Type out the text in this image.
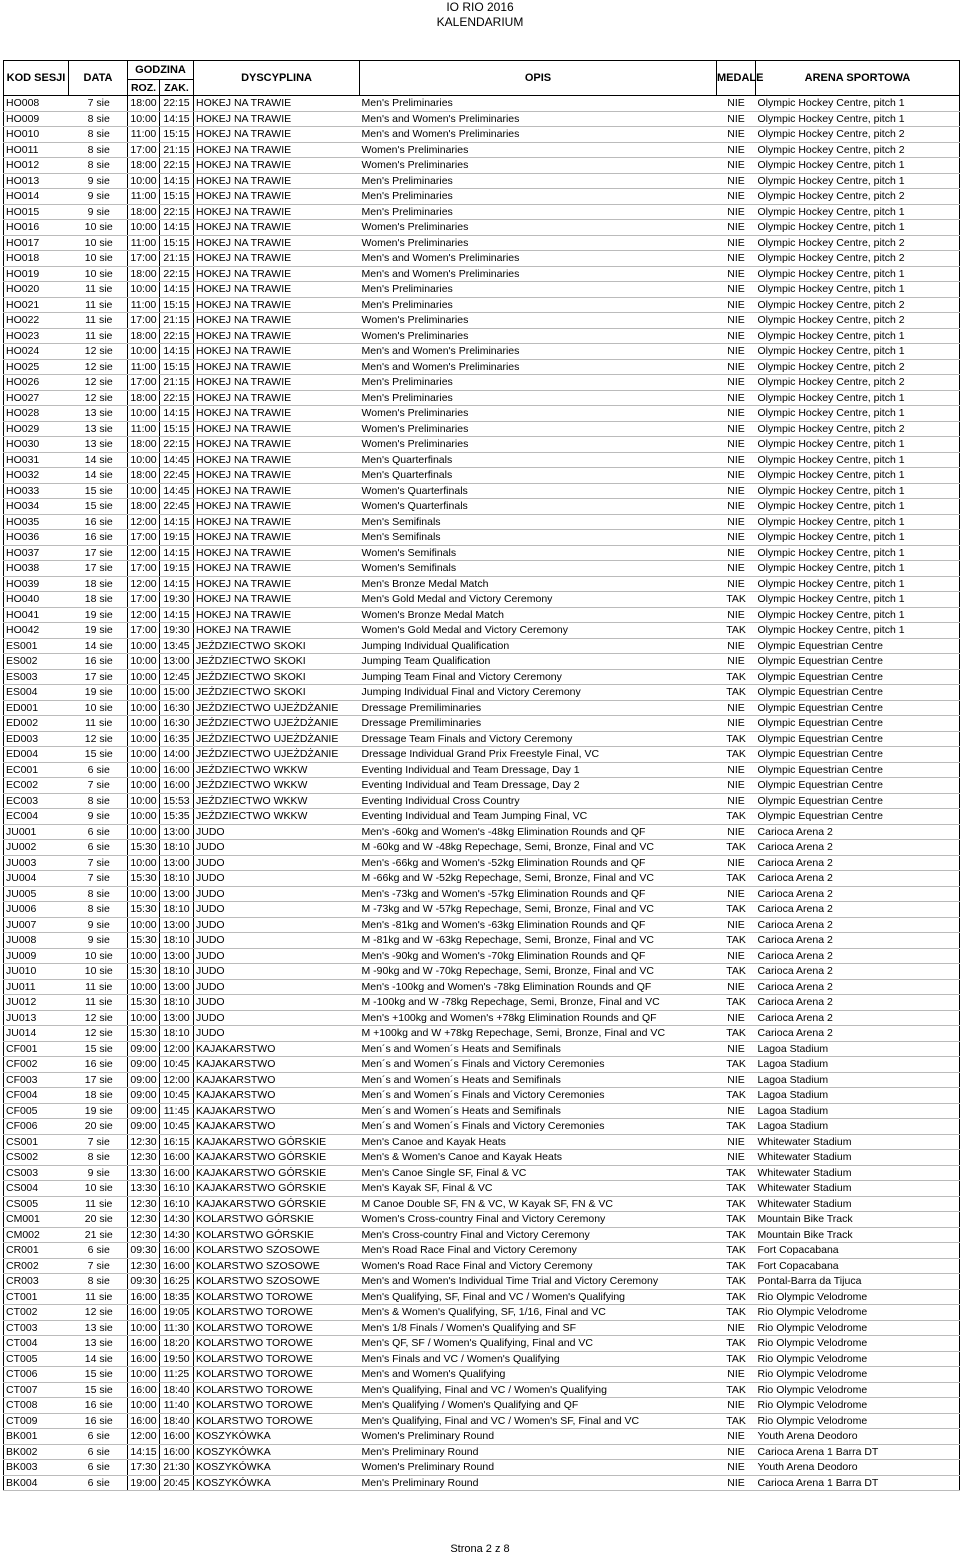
IO RIO 2016
KALENDARIUM
KOD SESJI	DATA	GODZINA		DYSCYPLINA	OPIS	MEDALE	ARENA SPORTOWA
		ROZ.	ZAK.				
HO008	7 sie	18:00	22:15	HOKEJ NA TRAWIE	Men's Preliminaries	NIE	Olympic Hockey Centre, pitch 1
HO009	8 sie	10:00	14:15	HOKEJ NA TRAWIE	Men's and Women's Preliminaries	NIE	Olympic Hockey Centre, pitch 1
HO010	8 sie	11:00	15:15	HOKEJ NA TRAWIE	Men's and Women's Preliminaries	NIE	Olympic Hockey Centre, pitch 2
HO011	8 sie	17:00	21:15	HOKEJ NA TRAWIE	Women's Preliminaries	NIE	Olympic Hockey Centre, pitch 2
HO012	8 sie	18:00	22:15	HOKEJ NA TRAWIE	Women's Preliminaries	NIE	Olympic Hockey Centre, pitch 1
HO013	9 sie	10:00	14:15	HOKEJ NA TRAWIE	Men's Preliminaries	NIE	Olympic Hockey Centre, pitch 1
HO014	9 sie	11:00	15:15	HOKEJ NA TRAWIE	Men's Preliminaries	NIE	Olympic Hockey Centre, pitch 2
HO015	9 sie	18:00	22:15	HOKEJ NA TRAWIE	Men's Preliminaries	NIE	Olympic Hockey Centre, pitch 1
HO016	10 sie	10:00	14:15	HOKEJ NA TRAWIE	Women's Preliminaries	NIE	Olympic Hockey Centre, pitch 1
HO017	10 sie	11:00	15:15	HOKEJ NA TRAWIE	Women's Preliminaries	NIE	Olympic Hockey Centre, pitch 2
HO018	10 sie	17:00	21:15	HOKEJ NA TRAWIE	Men's and Women's Preliminaries	NIE	Olympic Hockey Centre, pitch 2
HO019	10 sie	18:00	22:15	HOKEJ NA TRAWIE	Men's and Women's Preliminaries	NIE	Olympic Hockey Centre, pitch 1
HO020	11 sie	10:00	14:15	HOKEJ NA TRAWIE	Men's Preliminaries	NIE	Olympic Hockey Centre, pitch 1
HO021	11 sie	11:00	15:15	HOKEJ NA TRAWIE	Men's Preliminaries	NIE	Olympic Hockey Centre, pitch 2
HO022	11 sie	17:00	21:15	HOKEJ NA TRAWIE	Women's Preliminaries	NIE	Olympic Hockey Centre, pitch 2
HO023	11 sie	18:00	22:15	HOKEJ NA TRAWIE	Women's Preliminaries	NIE	Olympic Hockey Centre, pitch 1
HO024	12 sie	10:00	14:15	HOKEJ NA TRAWIE	Men's and Women's Preliminaries	NIE	Olympic Hockey Centre, pitch 1
HO025	12 sie	11:00	15:15	HOKEJ NA TRAWIE	Men's and Women's Preliminaries	NIE	Olympic Hockey Centre, pitch 2
HO026	12 sie	17:00	21:15	HOKEJ NA TRAWIE	Men's Preliminaries	NIE	Olympic Hockey Centre, pitch 2
HO027	12 sie	18:00	22:15	HOKEJ NA TRAWIE	Men's Preliminaries	NIE	Olympic Hockey Centre, pitch 1
HO028	13 sie	10:00	14:15	HOKEJ NA TRAWIE	Women's Preliminaries	NIE	Olympic Hockey Centre, pitch 1
HO029	13 sie	11:00	15:15	HOKEJ NA TRAWIE	Women's Preliminaries	NIE	Olympic Hockey Centre, pitch 2
HO030	13 sie	18:00	22:15	HOKEJ NA TRAWIE	Women's Preliminaries	NIE	Olympic Hockey Centre, pitch 1
HO031	14 sie	10:00	14:45	HOKEJ NA TRAWIE	Men's Quarterfinals	NIE	Olympic Hockey Centre, pitch 1
HO032	14 sie	18:00	22:45	HOKEJ NA TRAWIE	Men's Quarterfinals	NIE	Olympic Hockey Centre, pitch 1
HO033	15 sie	10:00	14:45	HOKEJ NA TRAWIE	Women's Quarterfinals	NIE	Olympic Hockey Centre, pitch 1
HO034	15 sie	18:00	22:45	HOKEJ NA TRAWIE	Women's Quarterfinals	NIE	Olympic Hockey Centre, pitch 1
HO035	16 sie	12:00	14:15	HOKEJ NA TRAWIE	Men's Semifinals	NIE	Olympic Hockey Centre, pitch 1
HO036	16 sie	17:00	19:15	HOKEJ NA TRAWIE	Men's Semifinals	NIE	Olympic Hockey Centre, pitch 1
HO037	17 sie	12:00	14:15	HOKEJ NA TRAWIE	Women's Semifinals	NIE	Olympic Hockey Centre, pitch 1
HO038	17 sie	17:00	19:15	HOKEJ NA TRAWIE	Women's Semifinals	NIE	Olympic Hockey Centre, pitch 1
HO039	18 sie	12:00	14:15	HOKEJ NA TRAWIE	Men's Bronze Medal Match	NIE	Olympic Hockey Centre, pitch 1
HO040	18 sie	17:00	19:30	HOKEJ NA TRAWIE	Men's Gold Medal and Victory Ceremony	TAK	Olympic Hockey Centre, pitch 1
HO041	19 sie	12:00	14:15	HOKEJ NA TRAWIE	Women's Bronze Medal Match	NIE	Olympic Hockey Centre, pitch 1
HO042	19 sie	17:00	19:30	HOKEJ NA TRAWIE	Women's Gold Medal and Victory Ceremony	TAK	Olympic Hockey Centre, pitch 1
ES001	14 sie	10:00	13:45	JEŹDZIECTWO SKOKI	Jumping Individual Qualification	NIE	Olympic Equestrian Centre
ES002	16 sie	10:00	13:00	JEŹDZIECTWO SKOKI	Jumping Team Qualification	NIE	Olympic Equestrian Centre
ES003	17 sie	10:00	12:45	JEŹDZIECTWO SKOKI	Jumping Team Final and Victory Ceremony	TAK	Olympic Equestrian Centre
ES004	19 sie	10:00	15:00	JEŹDZIECTWO SKOKI	Jumping Individual Final and Victory Ceremony	TAK	Olympic Equestrian Centre
ED001	10 sie	10:00	16:30	JEŹDZIECTWO UJEŻDŻANIE	Dressage Premiliminaries	NIE	Olympic Equestrian Centre
ED002	11 sie	10:00	16:30	JEŹDZIECTWO UJEŻDŻANIE	Dressage Premiliminaries	NIE	Olympic Equestrian Centre
ED003	12 sie	10:00	16:35	JEŹDZIECTWO UJEŻDŻANIE	Dressage Team Finals and Victory Ceremony	TAK	Olympic Equestrian Centre
ED004	15 sie	10:00	14:00	JEŹDZIECTWO UJEŻDŻANIE	Dressage Individual Grand Prix Freestyle Final, VC	TAK	Olympic Equestrian Centre
EC001	6 sie	10:00	16:00	JEŹDZIECTWO WKKW	Eventing Individual and Team Dressage, Day 1	NIE	Olympic Equestrian Centre
EC002	7 sie	10:00	16:00	JEŹDZIECTWO WKKW	Eventing Individual and Team Dressage, Day 2	NIE	Olympic Equestrian Centre
EC003	8 sie	10:00	15:53	JEŹDZIECTWO WKKW	Eventing Individual Cross Country	NIE	Olympic Equestrian Centre
EC004	9 sie	10:00	15:35	JEŹDZIECTWO WKKW	Eventing Individual and Team Jumping Final, VC	TAK	Olympic Equestrian Centre
JU001	6 sie	10:00	13:00	JUDO	Men's -60kg and Women's -48kg Elimination Rounds and QF	NIE	Carioca Arena 2
JU002	6 sie	15:30	18:10	JUDO	M -60kg and W -48kg Repechage, Semi, Bronze, Final and VC	TAK	Carioca Arena 2
JU003	7 sie	10:00	13:00	JUDO	Men's -66kg and Women's -52kg Elimination Rounds and QF	NIE	Carioca Arena 2
JU004	7 sie	15:30	18:10	JUDO	M -66kg and W -52kg Repechage, Semi, Bronze, Final and VC	TAK	Carioca Arena 2
JU005	8 sie	10:00	13:00	JUDO	Men's -73kg and Women's -57kg Elimination Rounds and QF	NIE	Carioca Arena 2
JU006	8 sie	15:30	18:10	JUDO	M -73kg and W -57kg Repechage, Semi, Bronze, Final and VC	TAK	Carioca Arena 2
JU007	9 sie	10:00	13:00	JUDO	Men's -81kg and Women's -63kg Elimination Rounds and QF	NIE	Carioca Arena 2
JU008	9 sie	15:30	18:10	JUDO	M -81kg and W -63kg Repechage, Semi, Bronze, Final and VC	TAK	Carioca Arena 2
JU009	10 sie	10:00	13:00	JUDO	Men's -90kg and Women's -70kg Elimination Rounds and QF	NIE	Carioca Arena 2
JU010	10 sie	15:30	18:10	JUDO	M -90kg and W -70kg Repechage, Semi, Bronze, Final and VC	TAK	Carioca Arena 2
JU011	11 sie	10:00	13:00	JUDO	Men's -100kg and Women's -78kg Elimination Rounds and QF	NIE	Carioca Arena 2
JU012	11 sie	15:30	18:10	JUDO	M -100kg and W -78kg Repechage, Semi, Bronze, Final and VC	TAK	Carioca Arena 2
JU013	12 sie	10:00	13:00	JUDO	Men's +100kg and Women's +78kg Elimination Rounds and QF	NIE	Carioca Arena 2
JU014	12 sie	15:30	18:10	JUDO	M +100kg and W +78kg Repechage, Semi, Bronze, Final and VC	TAK	Carioca Arena 2
CF001	15 sie	09:00	12:00	KAJAKARSTWO	Men´s and Women´s Heats and Semifinals	NIE	Lagoa Stadium
CF002	16 sie	09:00	10:45	KAJAKARSTWO	Men´s and Women´s Finals and Victory Ceremonies	TAK	Lagoa Stadium
CF003	17 sie	09:00	12:00	KAJAKARSTWO	Men´s and Women´s Heats and Semifinals	NIE	Lagoa Stadium
CF004	18 sie	09:00	10:45	KAJAKARSTWO	Men´s and Women´s Finals and Victory Ceremonies	TAK	Lagoa Stadium
CF005	19 sie	09:00	11:45	KAJAKARSTWO	Men´s and Women´s Heats and Semifinals	NIE	Lagoa Stadium
CF006	20 sie	09:00	10:45	KAJAKARSTWO	Men´s and Women´s Finals and Victory Ceremonies	TAK	Lagoa Stadium
CS001	7 sie	12:30	16:15	KAJAKARSTWO GÓRSKIE	Men's Canoe and Kayak Heats	NIE	Whitewater Stadium
CS002	8 sie	12:30	16:00	KAJAKARSTWO GÓRSKIE	Men's & Women's Canoe and Kayak Heats	NIE	Whitewater Stadium
CS003	9 sie	13:30	16:00	KAJAKARSTWO GÓRSKIE	Men's Canoe Single SF, Final & VC	TAK	Whitewater Stadium
CS004	10 sie	13:30	16:10	KAJAKARSTWO GÓRSKIE	Men's Kayak SF, Final & VC	TAK	Whitewater Stadium
CS005	11 sie	12:30	16:10	KAJAKARSTWO GÓRSKIE	M Canoe Double SF, FN & VC, W Kayak SF, FN & VC	TAK	Whitewater Stadium
CM001	20 sie	12:30	14:30	KOLARSTWO GÓRSKIE	Women's Cross-country Final and Victory Ceremony	TAK	Mountain Bike Track
CM002	21 sie	12:30	14:30	KOLARSTWO GÓRSKIE	Men's Cross-country Final and Victory Ceremony	TAK	Mountain Bike Track
CR001	6 sie	09:30	16:00	KOLARSTWO SZOSOWE	Men's Road Race Final and Victory Ceremony	TAK	Fort Copacabana
CR002	7 sie	12:30	16:00	KOLARSTWO SZOSOWE	Women's Road Race Final and Victory Ceremony	TAK	Fort Copacabana
CR003	8 sie	09:30	16:25	KOLARSTWO SZOSOWE	Men's and Women's Individual Time Trial and Victory Ceremony	TAK	Pontal-Barra da Tijuca
CT001	11 sie	16:00	18:35	KOLARSTWO TOROWE	Men's Qualifying, SF, Final and VC / Women's Qualifying	TAK	Rio Olympic Velodrome
CT002	12 sie	16:00	19:05	KOLARSTWO TOROWE	Men's & Women's Qualifying, SF, 1/16, Final and VC	TAK	Rio Olympic Velodrome
CT003	13 sie	10:00	11:30	KOLARSTWO TOROWE	Men's 1/8 Finals / Women's Qualifying and SF	NIE	Rio Olympic Velodrome
CT004	13 sie	16:00	18:20	KOLARSTWO TOROWE	Men's QF, SF / Women's Qualifying, Final and VC	TAK	Rio Olympic Velodrome
CT005	14 sie	16:00	19:50	KOLARSTWO TOROWE	Men's Finals and VC / Women's Qualifying	TAK	Rio Olympic Velodrome
CT006	15 sie	10:00	11:25	KOLARSTWO TOROWE	Men's and Women's Qualifying	NIE	Rio Olympic Velodrome
CT007	15 sie	16:00	18:40	KOLARSTWO TOROWE	Men's Qualifying, Final and VC / Women's Qualifying	TAK	Rio Olympic Velodrome
CT008	16 sie	10:00	11:40	KOLARSTWO TOROWE	Men's Qualifying / Women's Qualifying and QF	NIE	Rio Olympic Velodrome
CT009	16 sie	16:00	18:40	KOLARSTWO TOROWE	Men's Qualifying, Final and VC / Women's SF, Final and VC	TAK	Rio Olympic Velodrome
BK001	6 sie	12:00	16:00	KOSZYKÓWKA	Women's Preliminary Round	NIE	Youth Arena Deodoro
BK002	6 sie	14:15	16:00	KOSZYKÓWKA	Men's Preliminary Round	NIE	Carioca Arena 1 Barra DT
BK003	6 sie	17:30	21:30	KOSZYKÓWKA	Women's Preliminary Round	NIE	Youth Arena Deodoro
BK004	6 sie	19:00	20:45	KOSZYKÓWKA	Men's Preliminary Round	NIE	Carioca Arena 1 Barra DT
Strona 2 z 8
